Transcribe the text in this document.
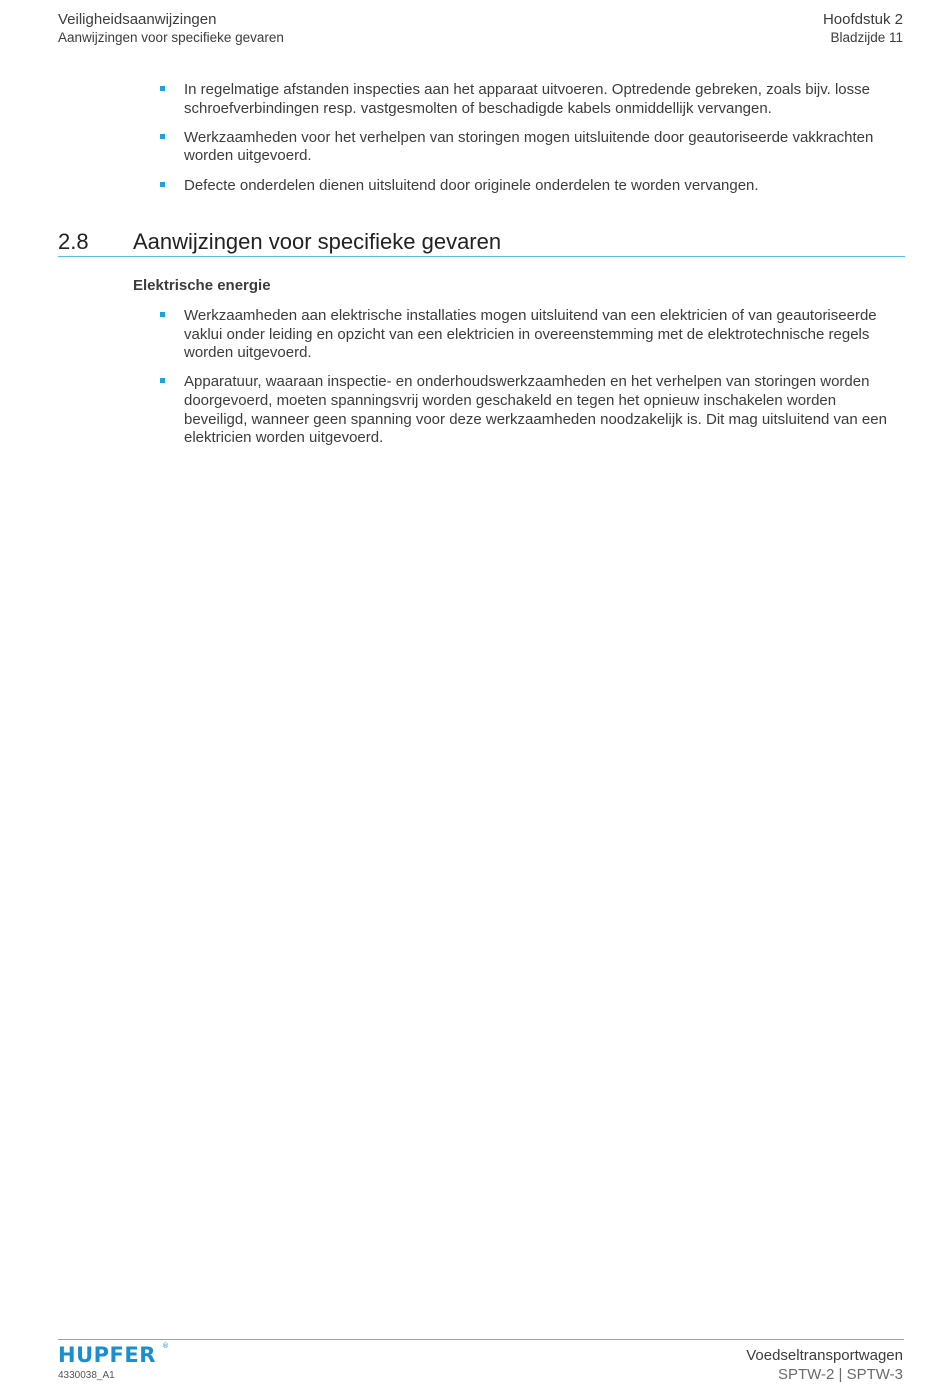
Veiligheidsaanwijzingen
Aanwijzingen voor specifieke gevaren
Hoofdstuk 2
Bladzijde 11
In regelmatige afstanden inspecties aan het apparaat uitvoeren. Optredende gebreken, zoals bijv. losse schroefverbindingen resp. vastgesmolten of beschadigde kabels onmiddellijk vervangen.
Werkzaamheden voor het verhelpen van storingen mogen uitsluitende door geautoriseerde vakkrachten worden uitgevoerd.
Defecte onderdelen dienen uitsluitend door originele onderdelen te worden vervangen.
2.8 Aanwijzingen voor specifieke gevaren
Elektrische energie
Werkzaamheden aan elektrische installaties mogen uitsluitend van een elektricien of van geautoriseerde vaklui onder leiding en opzicht van een elektricien in overeenstemming met de elektrotechnische regels worden uitgevoerd.
Apparatuur, waaraan inspectie- en onderhoudswerkzaamheden en het verhelpen van storingen worden doorgevoerd, moeten spanningsvrij worden geschakeld en tegen het opnieuw inschakelen worden beveiligd, wanneer geen spanning voor deze werkzaamheden noodzakelijk is. Dit mag uitsluitend van een elektricien worden uitgevoerd.
HUPFER ®
4330038_A1
Voedseltransportwagen
SPTW-2 | SPTW-3
